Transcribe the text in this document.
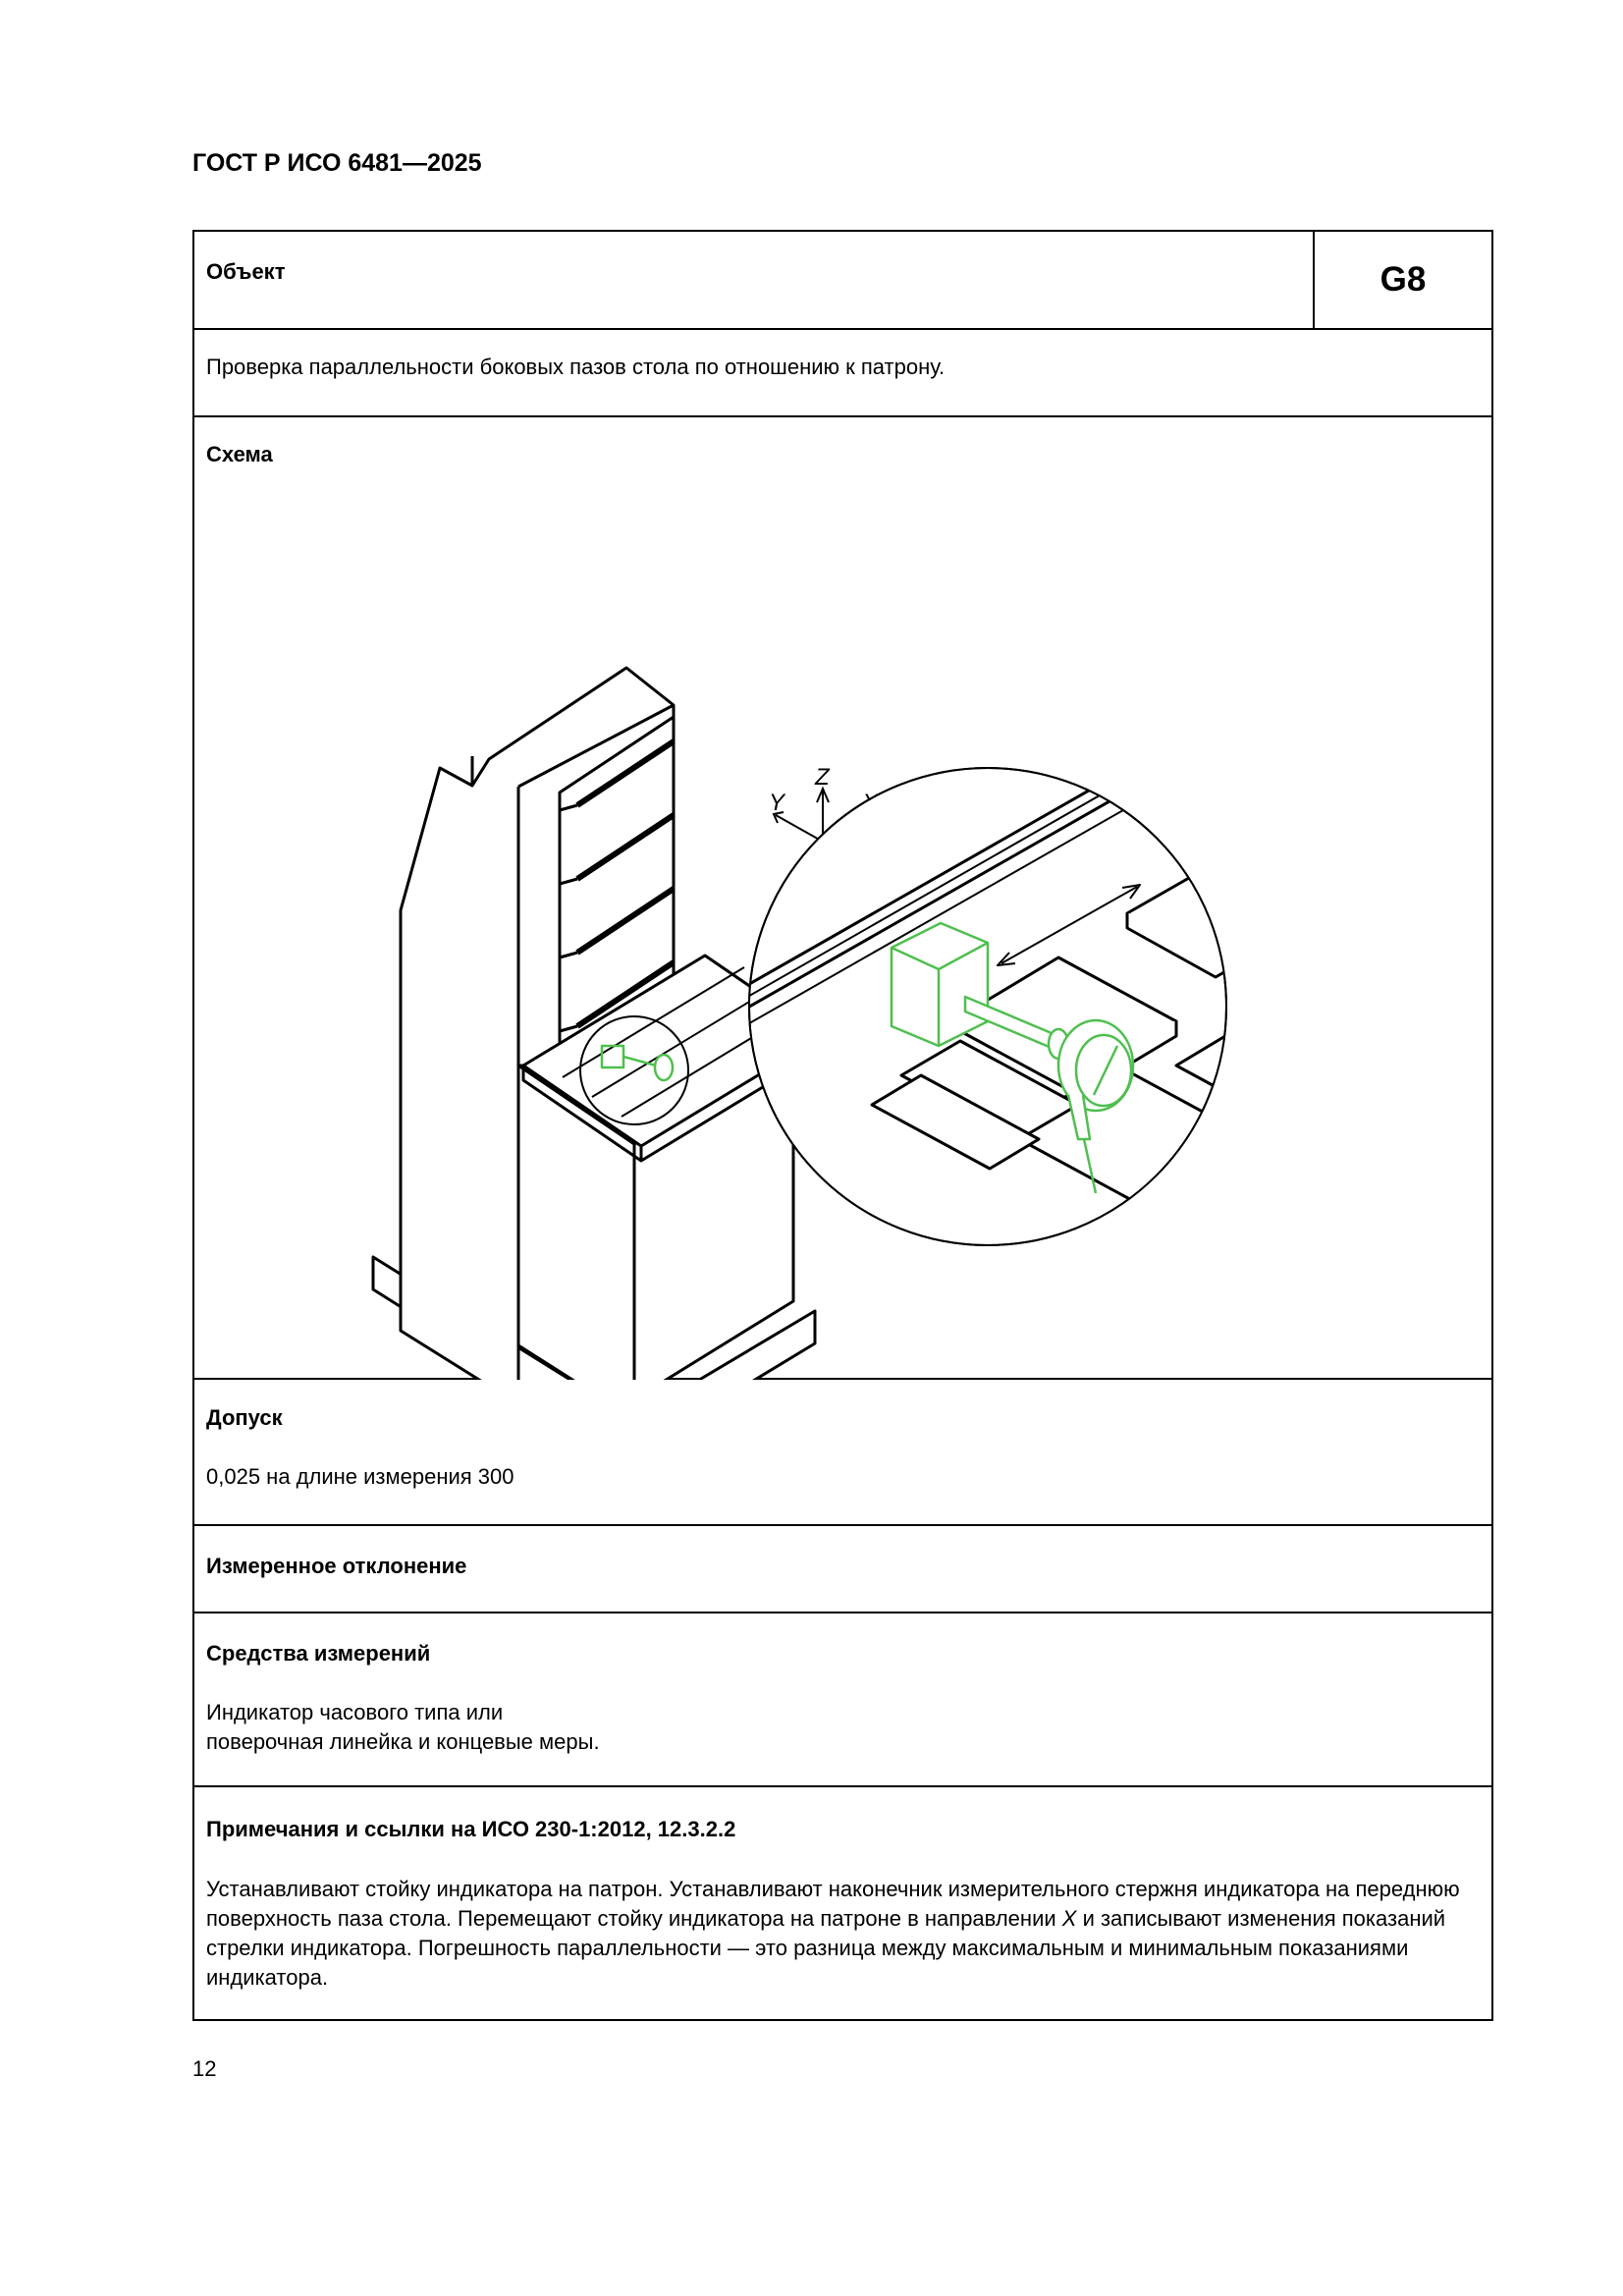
ГОСТ Р ИСО 6481—2025
Объект	G8
Проверка параллельности боковых пазов стола по отношению к патрону.
Схема
Z
Y
Допуск
0,025 на длине измерения 300
Измеренное отклонение
Средства измерений
Индикатор часового типа или
поверочная линейка и концевые меры.
Примечания и ссылки на ИСО 230-1:2012, 12.3.2.2
Устанавливают стойку индикатора на патрон. Устанавливают наконечник измерительного стержня индикатора на переднюю поверхность паза стола. Перемещают стойку индикатора на патроне в направлении X и записывают изменения показаний стрелки индикатора. Погрешность параллельности — это разница между максимальным и минимальным показаниями индикатора.
12
